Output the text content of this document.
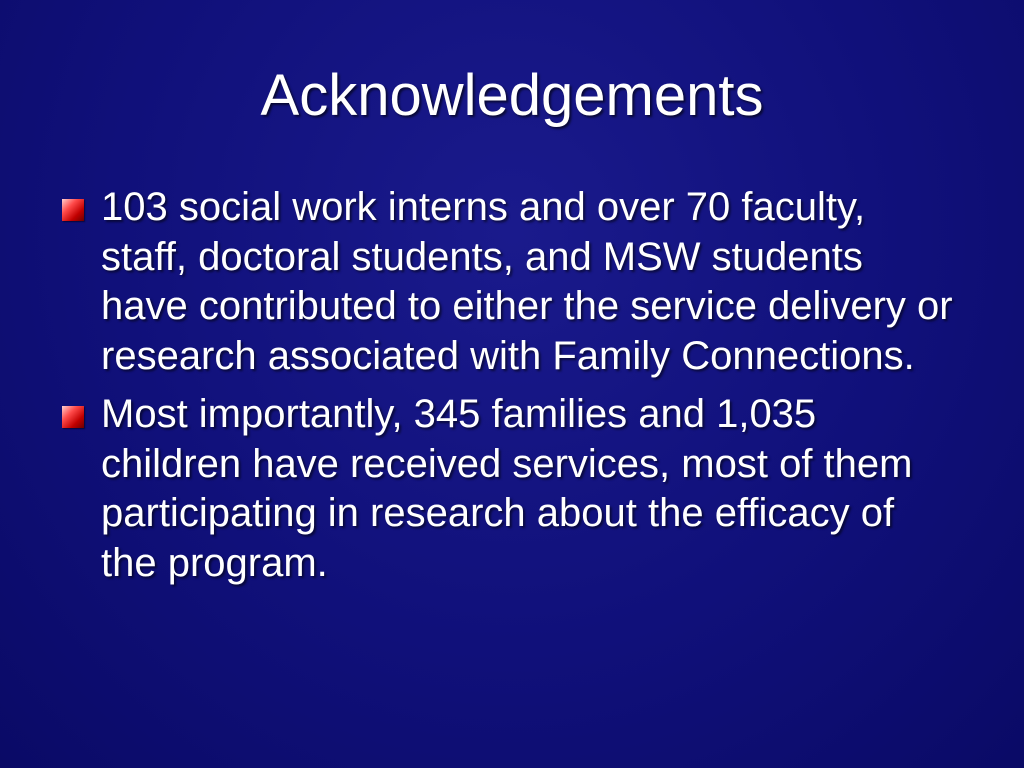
Acknowledgements
103 social work interns and over 70 faculty, staff, doctoral students, and MSW students have contributed to either the service delivery or research associated with Family Connections.
Most importantly, 345 families and 1,035 children have received services, most of them participating in research about the efficacy of the program.
